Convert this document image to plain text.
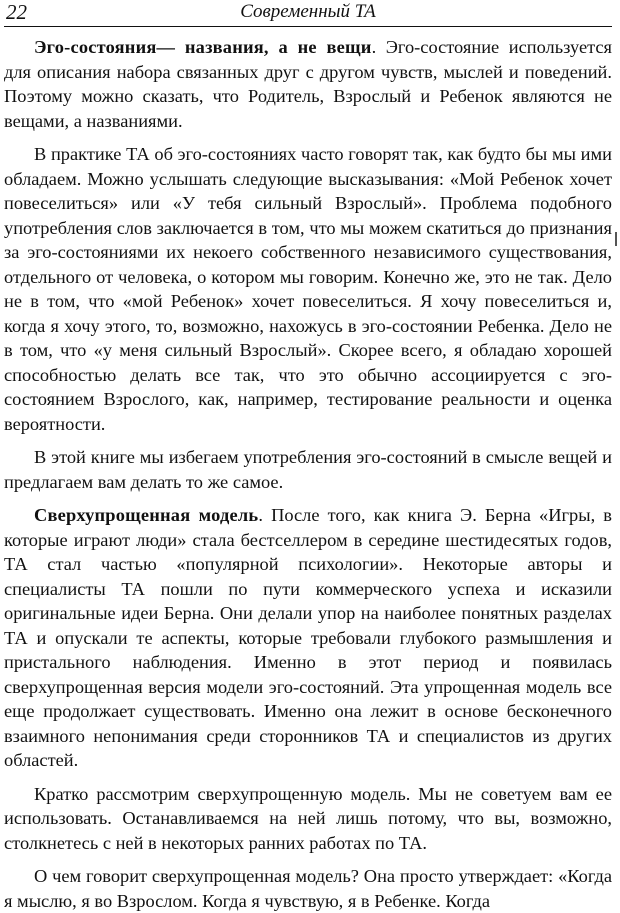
22	Современный ТА

Эго-состояния— названия, а не вещи. Эго-состояние используется для описания набора связанных друг с другом чувств, мыслей и поведений. Поэтому можно сказать, что Родитель, Взрослый и Ребенок являются не вещами, а названиями.

В практике ТА об эго-состояниях часто говорят так, как будто бы мы ими обладаем. Можно услышать следующие высказывания: «Мой Ребенок хочет повеселиться» или «У тебя сильный Взрослый». Проблема подобного употребления слов заключается в том, что мы можем скатиться до признания за эго-состояниями их некоего собственного независимого существования, отдельного от человека, о котором мы говорим. Конечно же, это не так. Дело не в том, что «мой Ребенок» хочет повеселиться. Я хочу повеселиться и, когда я хочу этого, то, возможно, нахожусь в эго-состоянии Ребенка. Дело не в том, что «у меня сильный Взрослый». Скорее всего, я обладаю хорошей способностью делать все так, что это обычно ассоциируется с эго-состоянием Взрослого, как, например, тестирование реальности и оценка вероятности.

В этой книге мы избегаем употребления эго-состояний в смысле вещей и предлагаем вам делать то же самое.

Сверхупрощенная модель. После того, как книга Э. Берна «Игры, в которые играют люди» стала бестселлером в середине шестидесятых годов, ТА стал частью «популярной психологии». Некоторые авторы и специалисты ТА пошли по пути коммерческого успеха и исказили оригинальные идеи Берна. Они делали упор на наиболее понятных разделах ТА и опускали те аспекты, которые требовали глубокого размышления и пристального наблюдения. Именно в этот период и появилась сверхупрощенная версия модели эго-состояний. Эта упрощенная модель все еще продолжает существовать. Именно она лежит в основе бесконечного взаимного непонимания среди сторонников ТА и специалистов из других областей.

Кратко рассмотрим сверхупрощенную модель. Мы не советуем вам ее использовать. Останавливаемся на ней лишь потому, что вы, возможно, столкнетесь с ней в некоторых ранних работах по ТА.

О чем говорит сверхупрощенная модель? Она просто утверждает: «Когда я мыслю, я во Взрослом. Когда я чувствую, я в Ребенке. Когда
